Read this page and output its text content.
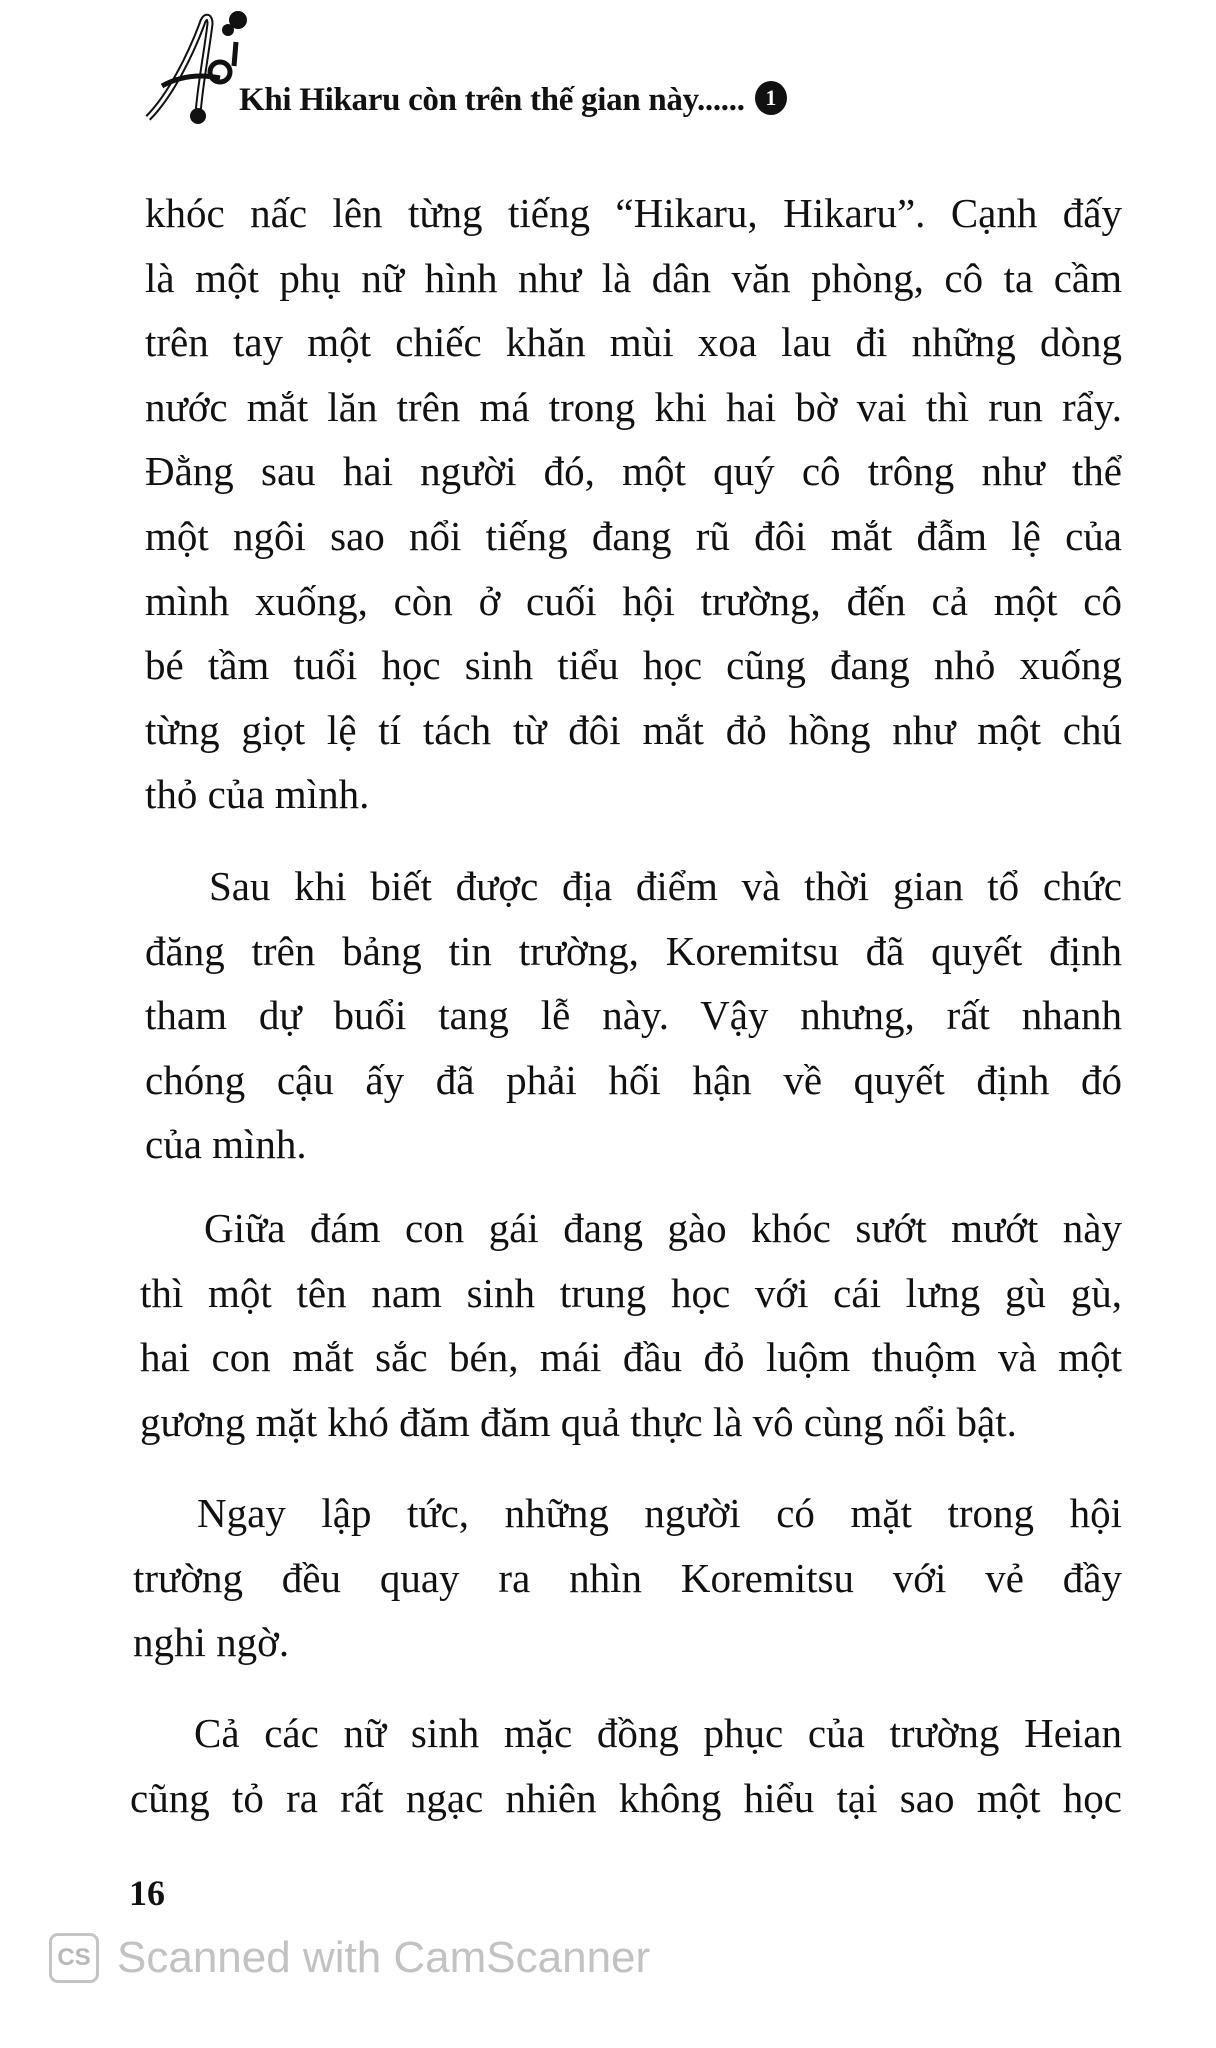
Khi Hikaru còn trên thế gian này...... 1
khóc nấc lên từng tiếng “Hikaru, Hikaru”. Cạnh đấy
là một phụ nữ hình như là dân văn phòng, cô ta cầm
trên tay một chiếc khăn mùi xoa lau đi những dòng
nước mắt lăn trên má trong khi hai bờ vai thì run rẩy.
Đằng sau hai người đó, một quý cô trông như thể
một ngôi sao nổi tiếng đang rũ đôi mắt đẫm lệ của
mình xuống, còn ở cuối hội trường, đến cả một cô
bé tầm tuổi học sinh tiểu học cũng đang nhỏ xuống
từng giọt lệ tí tách từ đôi mắt đỏ hồng như một chú
thỏ của mình.
Sau khi biết được địa điểm và thời gian tổ chức
đăng trên bảng tin trường, Koremitsu đã quyết định
tham dự buổi tang lễ này. Vậy nhưng, rất nhanh
chóng cậu ấy đã phải hối hận về quyết định đó
của mình.
Giữa đám con gái đang gào khóc sướt mướt này
thì một tên nam sinh trung học với cái lưng gù gù,
hai con mắt sắc bén, mái đầu đỏ luộm thuộm và một
gương mặt khó đăm đăm quả thực là vô cùng nổi bật.
Ngay lập tức, những người có mặt trong hội
trường đều quay ra nhìn Koremitsu với vẻ đầy
nghi ngờ.
Cả các nữ sinh mặc đồng phục của trường Heian
cũng tỏ ra rất ngạc nhiên không hiểu tại sao một học
16
CS Scanned with CamScanner
